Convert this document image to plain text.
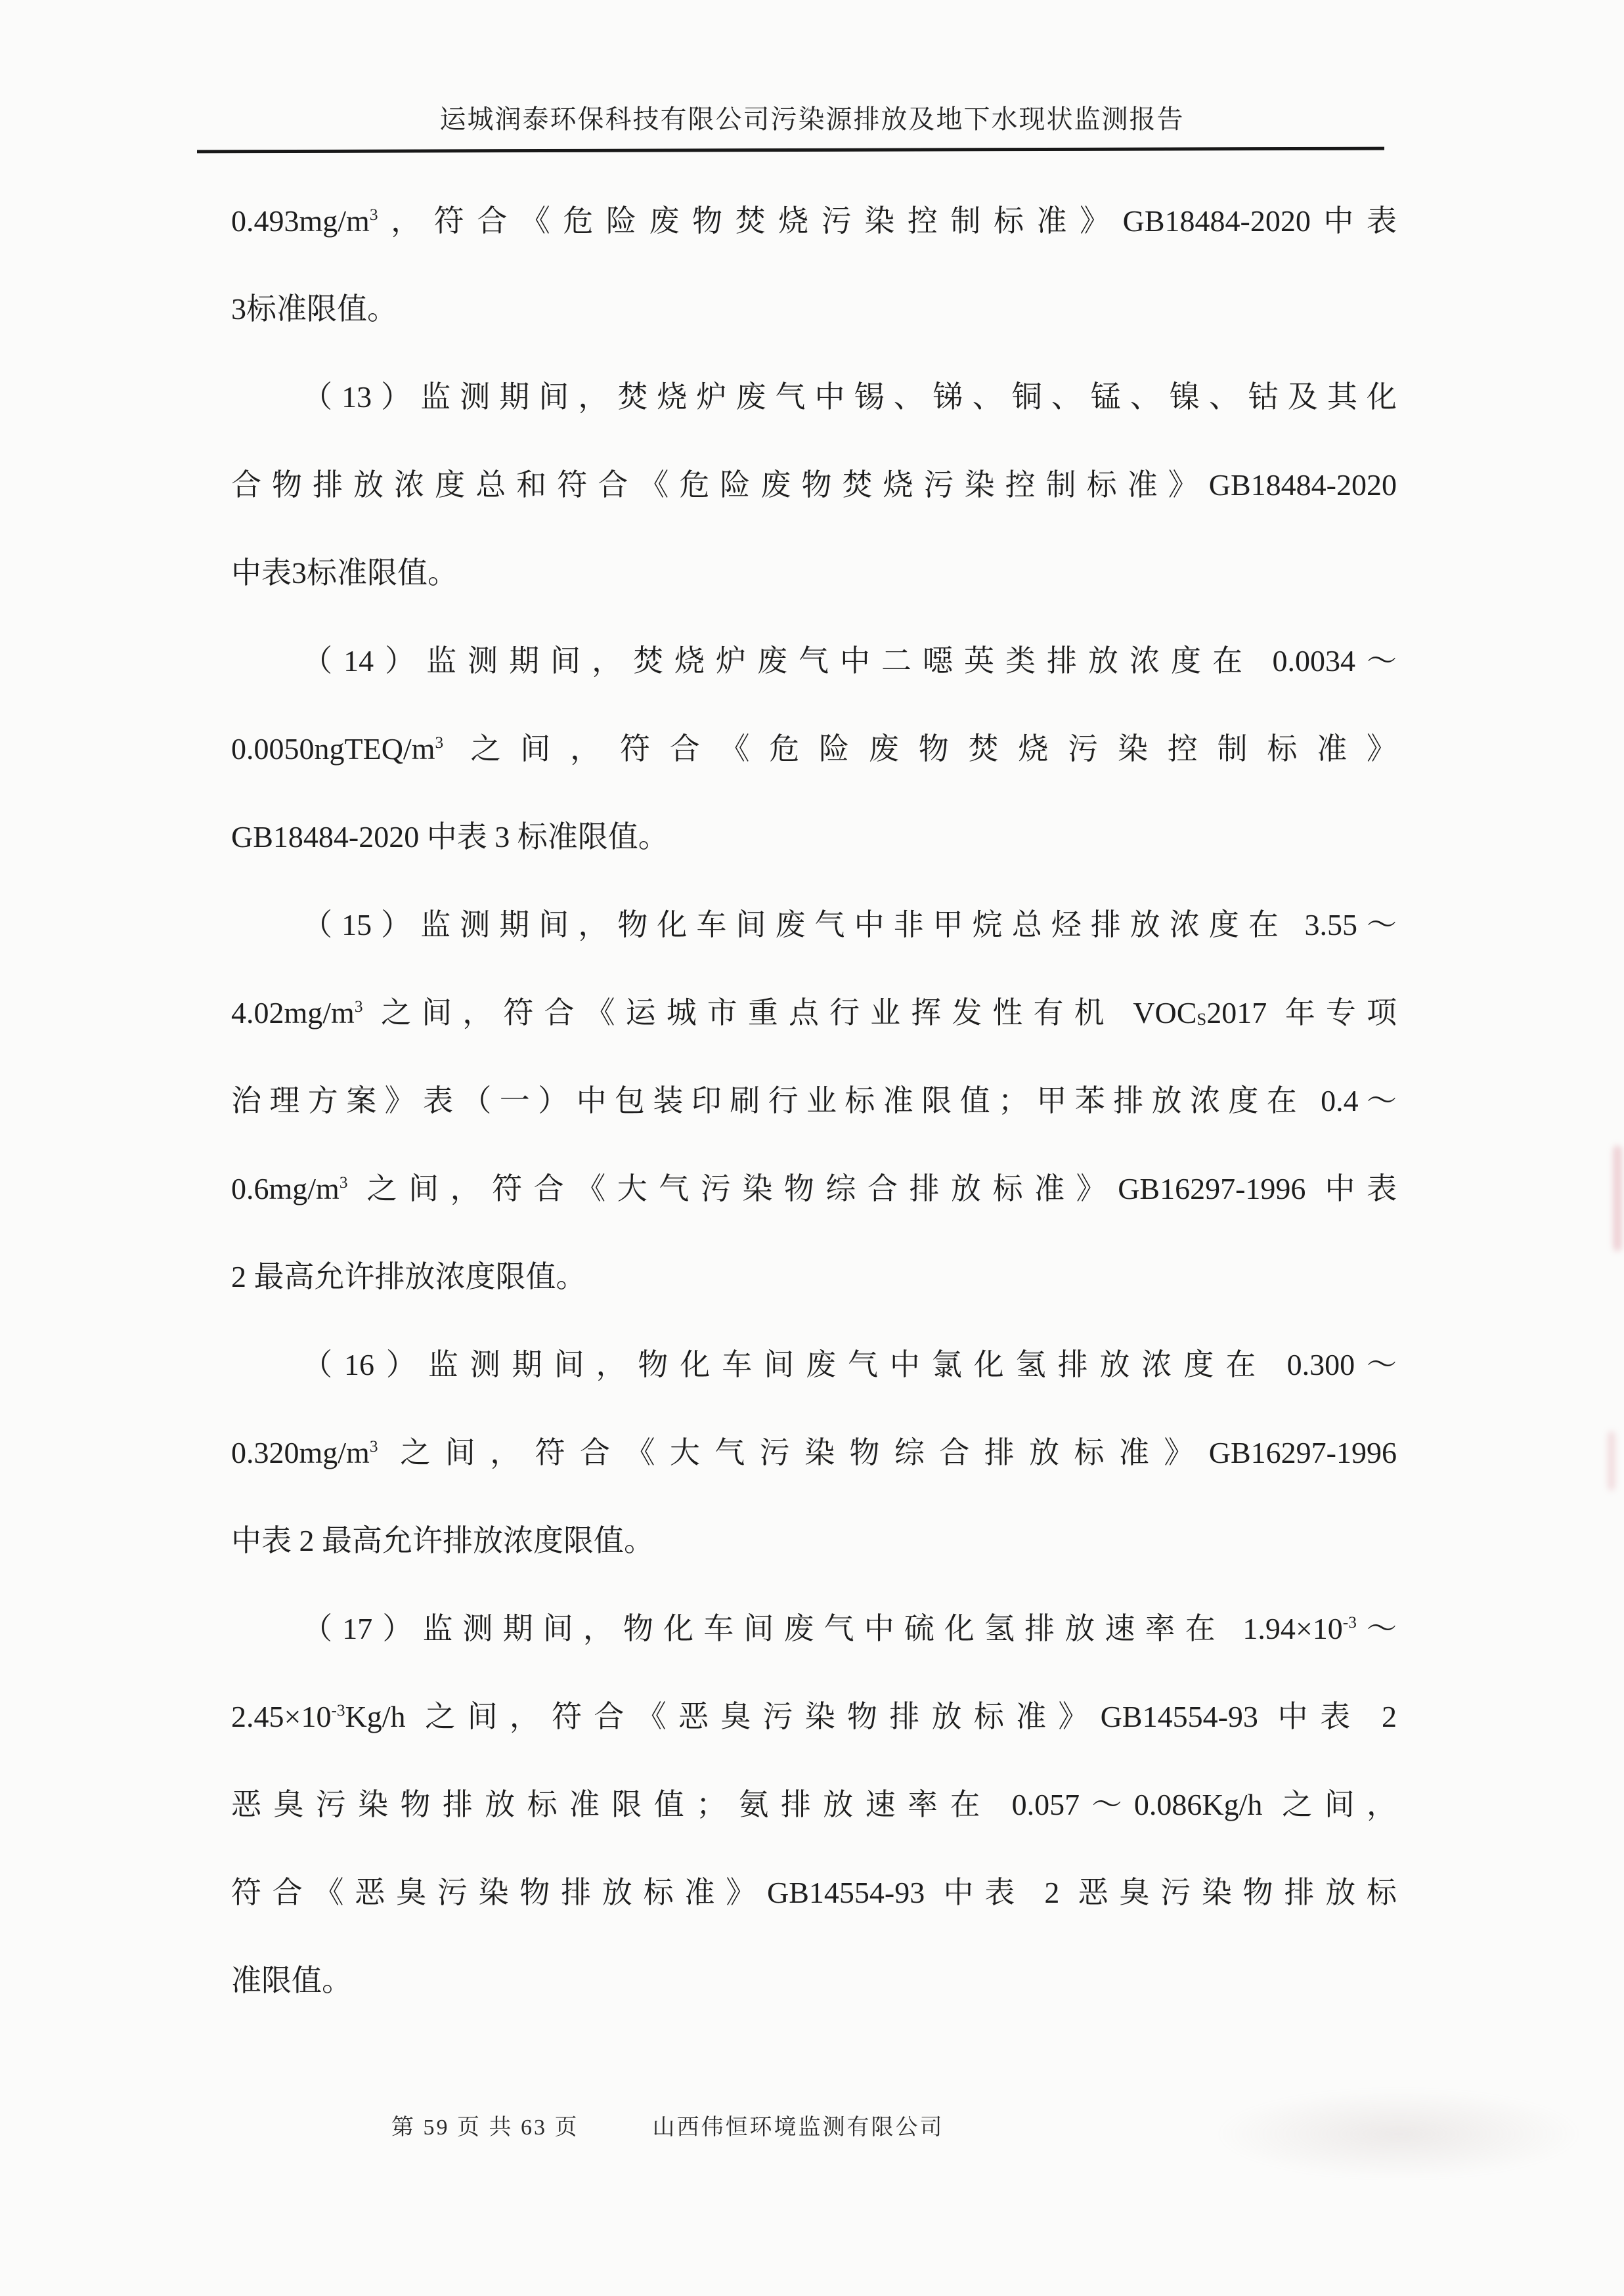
运城润泰环保科技有限公司污染源排放及地下水现状监测报告
$0.493mg/m^3$，符合《危险废物焚烧污染控制标准》GB18484-2020中表
3标准限值。
（13）监测期间，焚烧炉废气中锡、锑、铜、锰、镍、钴及其化
合物排放浓度总和符合《危险废物焚烧污染控制标准》GB18484-2020
中表3标准限值。
（14）监测期间，焚烧炉废气中二噁英类排放浓度在 0.0034～
$0.0050ngTEQ/m^3$ 之间，符合《危险废物焚烧污染控制标准》
GB18484-2020 中表 3 标准限值。
（15）监测期间，物化车间废气中非甲烷总烃排放浓度在 3.55～
$4.02mg/m^3$ 之间，符合《运城市重点行业挥发性有机 VOCS2017 年专项
治理方案》表（一）中包装印刷行业标准限值；甲苯排放浓度在 0.4～
$0.6mg/m^3$ 之间，符合《大气污染物综合排放标准》GB16297-1996 中表
2 最高允许排放浓度限值。
（16）监测期间，物化车间废气中氯化氢排放浓度在 0.300～
$0.320mg/m^3$ 之间，符合《大气污染物综合排放标准》GB16297-1996
中表 2 最高允许排放浓度限值。
（17）监测期间，物化车间废气中硫化氢排放速率在 $1.94\times 10^{-3}\sim$
$2.45\times 10^{-3}Kg/h$ 之间，符合《恶臭污染物排放标准》GB14554-93 中表 2
恶臭污染物排放标准限值；氨排放速率在 0.057～0.086Kg/h 之间，
符合《恶臭污染物排放标准》GB14554-93 中表 2 恶臭污染物排放标
准限值。
第 59 页 共 63 页	山西伟恒环境监测有限公司
